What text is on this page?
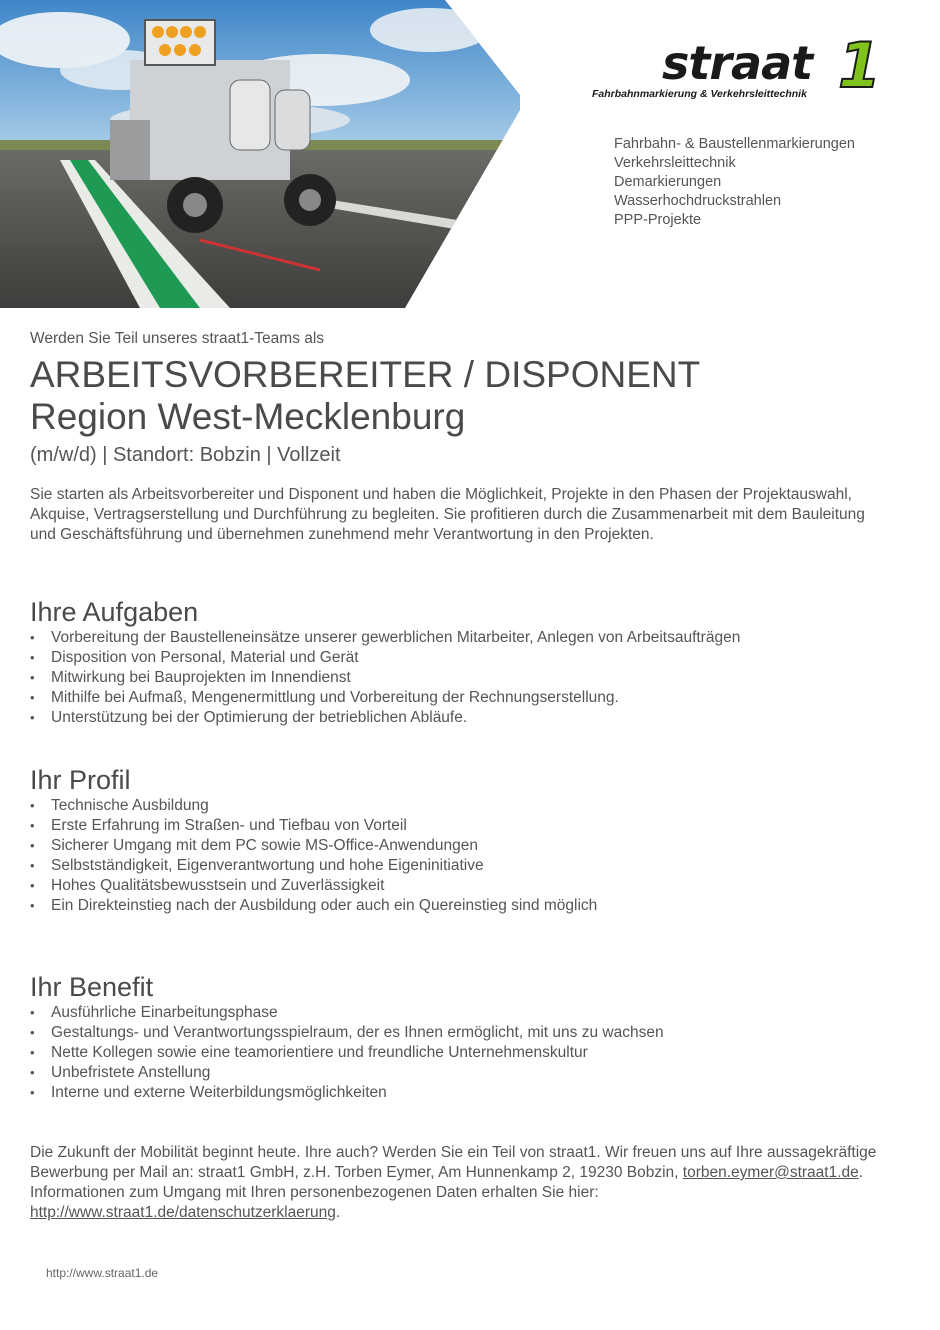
straat 1
Fahrbahnmarkierung & Verkehrsleittechnik
Fahrbahn- & Baustellenmarkierungen
Verkehrsleittechnik
Demarkierungen
Wasserhochdruckstrahlen
PPP-Projekte

Werden Sie Teil unseres straat1-Teams als

ARBEITSVORBEREITER / DISPONENT
Region West-Mecklenburg

(m/w/d) | Standort: Bobzin | Vollzeit

Sie starten als Arbeitsvorbereiter und Disponent und haben die Möglichkeit, Projekte in den Phasen der Projektauswahl, Akquise, Vertragserstellung und Durchführung zu begleiten. Sie profitieren durch die Zusammenarbeit mit dem Bauleitung und Geschäftsführung und übernehmen zunehmend mehr Verantwortung in den Projekten.

Ihre Aufgaben
• Vorbereitung der Baustelleneinsätze unserer gewerblichen Mitarbeiter, Anlegen von Arbeitsaufträgen
• Disposition von Personal, Material und Gerät
• Mitwirkung bei Bauprojekten im Innendienst
• Mithilfe bei Aufmaß, Mengenermittlung und Vorbereitung der Rechnungserstellung.
• Unterstützung bei der Optimierung der betrieblichen Abläufe.
Ihr Profil
• Technische Ausbildung
• Erste Erfahrung im Straßen- und Tiefbau von Vorteil
• Sicherer Umgang mit dem PC sowie MS-Office-Anwendungen
• Selbstständigkeit, Eigenverantwortung und hohe Eigeninitiative
• Hohes Qualitätsbewusstsein und Zuverlässigkeit
• Ein Direkteinstieg nach der Ausbildung oder auch ein Quereinstieg sind möglich
Ihr Benefit
• Ausführliche Einarbeitungsphase
• Gestaltungs- und Verantwortungsspielraum, der es Ihnen ermöglicht, mit uns zu wachsen
• Nette Kollegen sowie eine teamorientiere und freundliche Unternehmenskultur
• Unbefristete Anstellung
• Interne und externe Weiterbildungsmöglichkeiten

Die Zukunft der Mobilität beginnt heute. Ihre auch? Werden Sie ein Teil von straat1. Wir freuen uns auf Ihre aussagekräftige Bewerbung per Mail an: straat1 GmbH, z.H. Torben Eymer, Am Hunnenkamp 2, 19230 Bobzin, torben.eymer@straat1.de. Informationen zum Umgang mit Ihren personenbezogenen Daten erhalten Sie hier: http://www.straat1.de/datenschutzerklaerung.

http://www.straat1.de
